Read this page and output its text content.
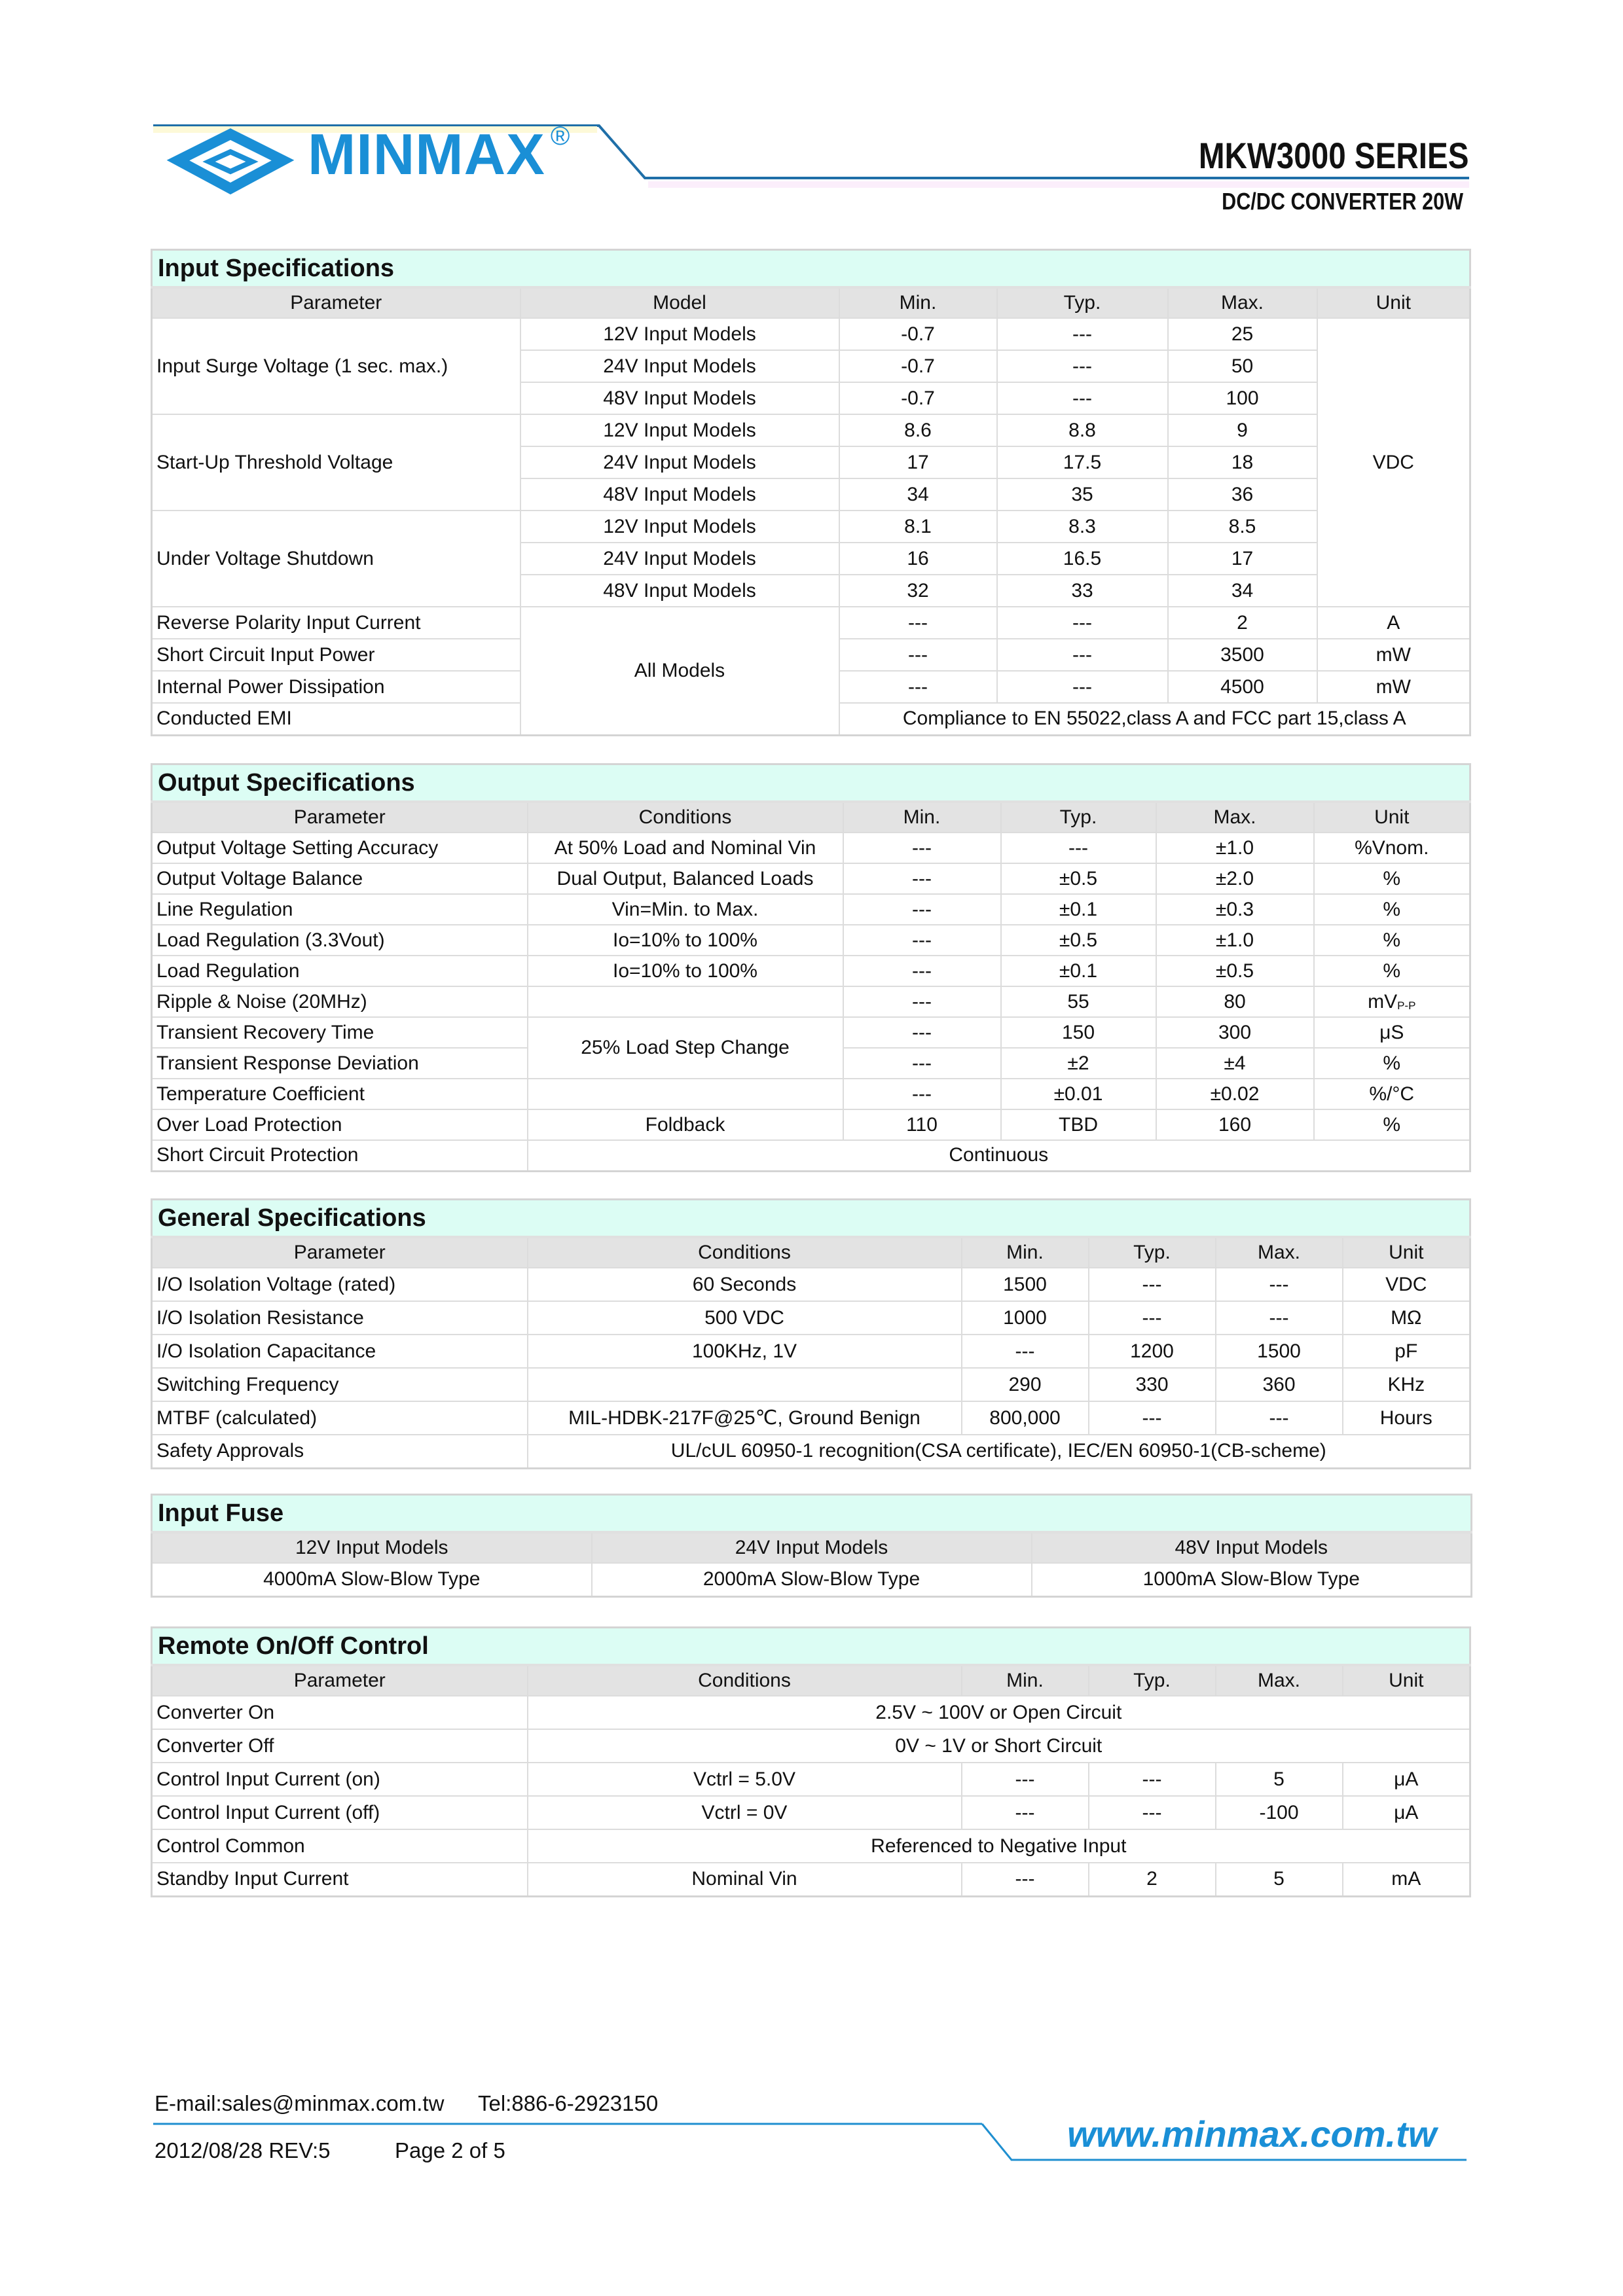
MINMAX ®	MKW3000 SERIES
DC/DC CONVERTER 20W
Input Specifications					
Parameter	Model	Min.	Typ.	Max.	Unit
Input Surge Voltage (1 sec. max.)	12V Input Models	-0.7	---	25	VDC
	24V Input Models	-0.7	---	50	
	48V Input Models	-0.7	---	100	
Start-Up Threshold Voltage	12V Input Models	8.6	8.8	9	
	24V Input Models	17	17.5	18	
	48V Input Models	34	35	36	
Under Voltage Shutdown	12V Input Models	8.1	8.3	8.5	
	24V Input Models	16	16.5	17	
	48V Input Models	32	33	34	
Reverse Polarity Input Current	All Models	---	---	2	A
Short Circuit Input Power		---	---	3500	mW
Internal Power Dissipation		---	---	4500	mW
Conducted EMI		Compliance to EN 55022,class A and FCC part 15,class A			
Output Specifications					
Parameter	Conditions	Min.	Typ.	Max.	Unit
Output Voltage Setting Accuracy	At 50% Load and Nominal Vin	---	---	±1.0	%Vnom.
Output Voltage Balance	Dual Output, Balanced Loads	---	±0.5	±2.0	%
Line Regulation	Vin=Min. to Max.	---	±0.1	±0.3	%
Load Regulation (3.3Vout)	Io=10% to 100%	---	±0.5	±1.0	%
Load Regulation	Io=10% to 100%	---	±0.1	±0.5	%
Ripple & Noise (20MHz)		---	55	80	$mV_{P-P}$
Transient Recovery Time	25% Load Step Change	---	150	300	μS
Transient Response Deviation		---	±2	±4	%
Temperature Coefficient		---	±0.01	±0.02	%/°C
Over Load Protection	Foldback	110	TBD	160	%
Short Circuit Protection	Continuous				
General Specifications					
Parameter	Conditions	Min.	Typ.	Max.	Unit
I/O Isolation Voltage (rated)	60 Seconds	1500	---	---	VDC
I/O Isolation Resistance	500 VDC	1000	---	---	MΩ
I/O Isolation Capacitance	100KHz, 1V	---	1200	1500	pF
Switching Frequency		290	330	360	KHz
MTBF (calculated)	MIL-HDBK-217F@25℃, Ground Benign	800,000	---	---	Hours
Safety Approvals	UL/cUL 60950-1 recognition(CSA certificate), IEC/EN 60950-1(CB-scheme)				
Input Fuse		
12V Input Models	24V Input Models	48V Input Models
4000mA Slow-Blow Type	2000mA Slow-Blow Type	1000mA Slow-Blow Type
Remote On/Off Control					
Parameter	Conditions	Min.	Typ.	Max.	Unit
Converter On	2.5V ~ 100V or Open Circuit				
Converter Off	0V ~ 1V or Short Circuit				
Control Input Current (on)	Vctrl = 5.0V	---	---	5	μA
Control Input Current (off)	Vctrl = 0V	---	---	-100	μA
Control Common	Referenced to Negative Input				
Standby Input Current	Nominal Vin	---	2	5	mA
E-mail:sales@minmax.com.tw Tel:886-6-2923150
2012/08/28 REV:5	Page 2 of 5	www.minmax.com.tw
